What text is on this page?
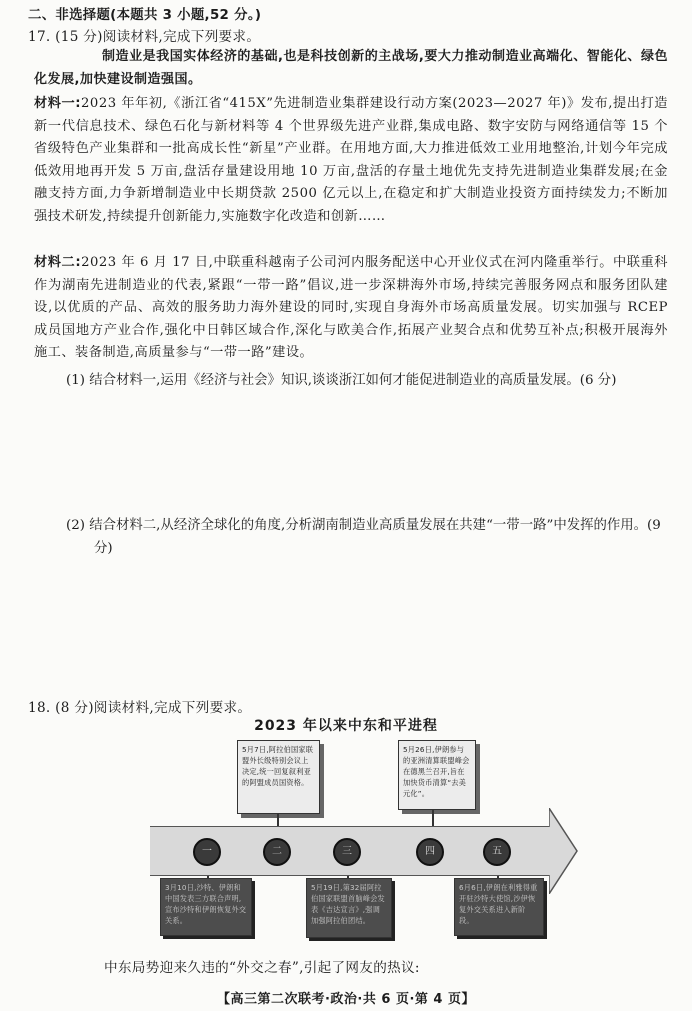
二、非选择题(本题共 3 小题,52 分。)
17. (15 分)阅读材料,完成下列要求。
制造业是我国实体经济的基础,也是科技创新的主战场,要大力推动制造业高端化、智能化、绿色化发展,加快建设制造强国。
材料一:2023 年年初,《浙江省“415X”先进制造业集群建设行动方案(2023—2027 年)》发布,提出打造新一代信息技术、绿色石化与新材料等 4 个世界级先进产业群,集成电路、数字安防与网络通信等 15 个省级特色产业集群和一批高成长性“新星”产业群。在用地方面,大力推进低效工业用地整治,计划今年完成低效用地再开发 5 万亩,盘活存量建设用地 10 万亩,盘活的存量土地优先支持先进制造业集群发展;在金融支持方面,力争新增制造业中长期贷款 2500 亿元以上,在稳定和扩大制造业投资方面持续发力;不断加强技术研发,持续提升创新能力,实施数字化改造和创新……
材料二:2023 年 6 月 17 日,中联重科越南子公司河内服务配送中心开业仪式在河内隆重举行。中联重科作为湖南先进制造业的代表,紧跟“一带一路”倡议,进一步深耕海外市场,持续完善服务网点和服务团队建设,以优质的产品、高效的服务助力海外建设的同时,实现自身海外市场高质量发展。切实加强与 RCEP 成员国地方产业合作,强化中日韩区域合作,深化与欧美合作,拓展产业契合点和优势互补点;积极开展海外施工、装备制造,高质量参与“一带一路”建设。
(1) 结合材料一,运用《经济与社会》知识,谈谈浙江如何才能促进制造业的高质量发展。(6 分)
(2) 结合材料二,从经济全球化的角度,分析湖南制造业高质量发展在共建“一带一路”中发挥的作用。(9 分)
18. (8 分)阅读材料,完成下列要求。
2023 年以来中东和平进程
5月7日,阿拉伯国家联盟外长级特别会议上决定,统一回复叙利亚的阿盟成员国资格。
5月26日,伊朗参与的亚洲清算联盟峰会在德黑兰召开,旨在加快货币清算“去美元化”。
一	二	三	四	五
3月10日,沙特、伊朗和中国发表三方联合声明,宣布沙特和伊朗恢复外交关系。
5月19日,第32届阿拉伯国家联盟首脑峰会发表《吉达宣言》,强调加强阿拉伯团结。
6月6日,伊朗在利雅得重开驻沙特大使馆,沙伊恢复外交关系进入新阶段。
中东局势迎来久违的“外交之春”,引起了网友的热议:
【高三第二次联考·政治·共 6 页·第 4 页】
